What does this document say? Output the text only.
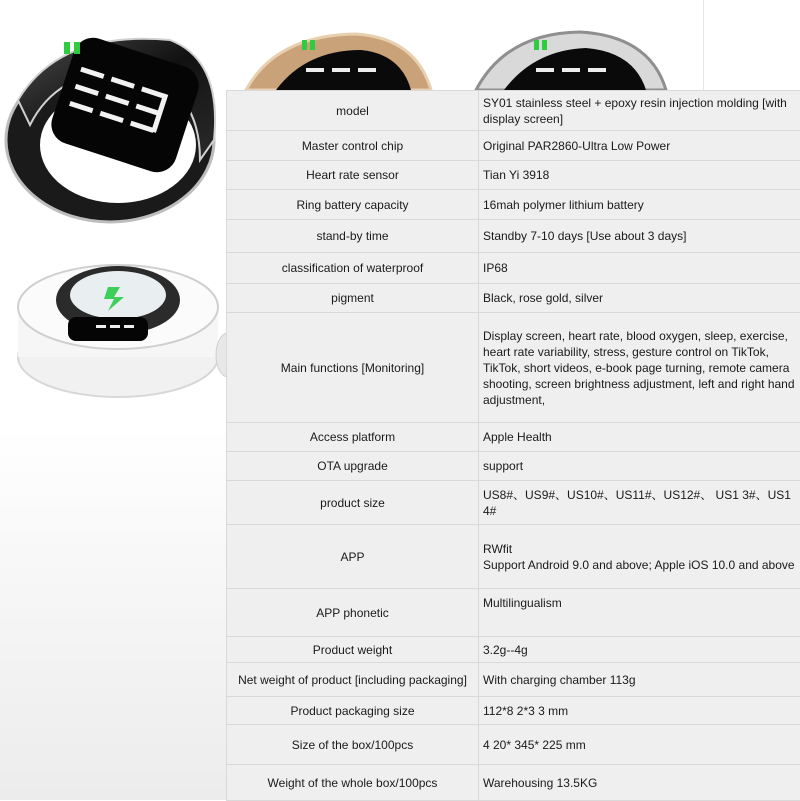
model	SY01 stainless steel + epoxy resin injection molding [with display screen]
Master control chip	Original PAR2860-Ultra Low Power
Heart rate sensor	Tian Yi 3918
Ring battery capacity	16mah polymer lithium battery
stand-by time	Standby 7-10 days [Use about 3 days]
classification of waterproof	IP68
pigment	Black, rose gold, silver
Main functions [Monitoring]	Display screen, heart rate, blood oxygen, sleep, exercise, heart rate variability, stress, gesture control on TikTok, TikTok, short videos, e-book page turning, remote camera shooting, screen brightness adjustment, left and right hand adjustment,
Access platform	Apple Health
OTA upgrade	support
product size	US8#、US9#、US10#、US11#、US12#、 US1 3#、US1 4#
APP	RWfit
Support Android 9.0 and above; Apple iOS 10.0 and above
APP phonetic	Multilingualism
Product weight	3.2g--4g
Net weight of product [including packaging]	With charging chamber 113g
Product packaging size	112*8 2*3 3 mm
Size of the box/100pcs	4 20* 345* 225 mm
Weight of the whole box/100pcs	Warehousing 13.5KG
